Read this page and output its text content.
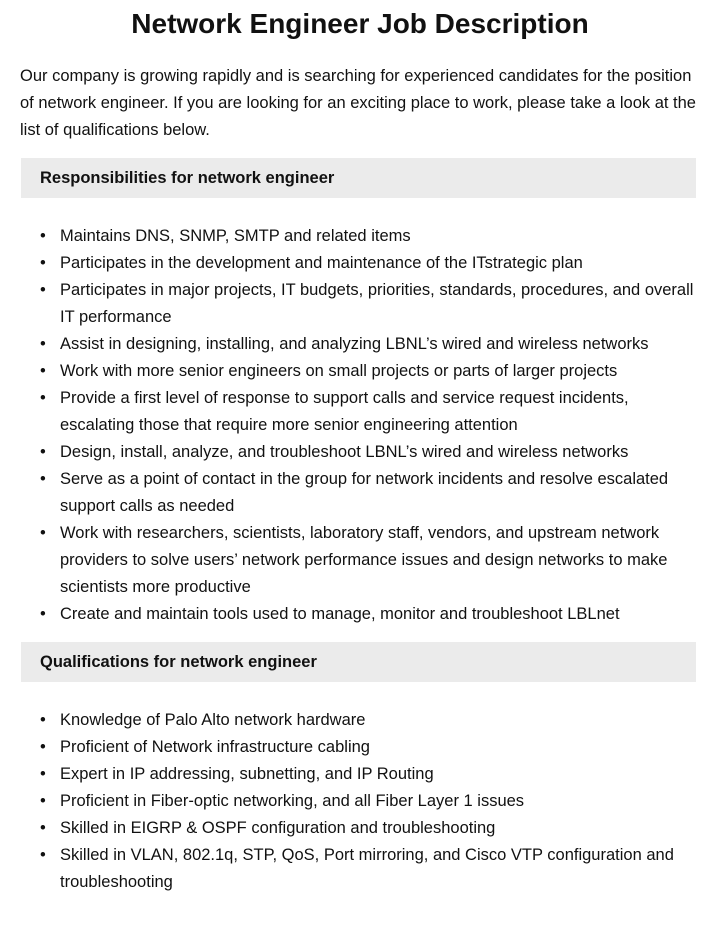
Network Engineer Job Description

Our company is growing rapidly and is searching for experienced candidates for the position of network engineer. If you are looking for an exciting place to work, please take a look at the list of qualifications below.

Responsibilities for network engineer
• Maintains DNS, SNMP, SMTP and related items
• Participates in the development and maintenance of the ITstrategic plan
• Participates in major projects, IT budgets, priorities, standards, procedures, and overall IT performance
• Assist in designing, installing, and analyzing LBNL’s wired and wireless networks
• Work with more senior engineers on small projects or parts of larger projects
• Provide a first level of response to support calls and service request incidents, escalating those that require more senior engineering attention
• Design, install, analyze, and troubleshoot LBNL’s wired and wireless networks
• Serve as a point of contact in the group for network incidents and resolve escalated support calls as needed
• Work with researchers, scientists, laboratory staff, vendors, and upstream network providers to solve users’ network performance issues and design networks to make scientists more productive
• Create and maintain tools used to manage, monitor and troubleshoot LBLnet
Qualifications for network engineer
• Knowledge of Palo Alto network hardware
• Proficient of Network infrastructure cabling
• Expert in IP addressing, subnetting, and IP Routing
• Proficient in Fiber-optic networking, and all Fiber Layer 1 issues
• Skilled in EIGRP & OSPF configuration and troubleshooting
• Skilled in VLAN, 802.1q, STP, QoS, Port mirroring, and Cisco VTP configuration and troubleshooting
